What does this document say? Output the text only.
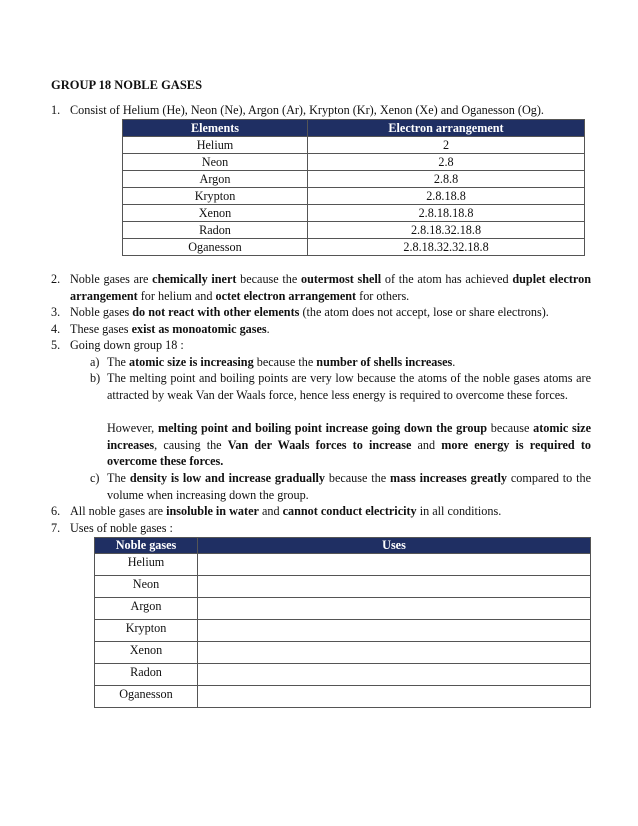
GROUP 18 NOBLE GASES
1. Consist of Helium (He), Neon (Ne), Argon (Ar), Krypton (Kr), Xenon (Xe) and Oganesson (Og).
Elements	Electron arrangement
Helium	2
Neon	2.8
Argon	2.8.8
Krypton	2.8.18.8
Xenon	2.8.18.18.8
Radon	2.8.18.32.18.8
Oganesson	2.8.18.32.32.18.8
2. Noble gases are chemically inert because the outermost shell of the atom has achieved duplet electron arrangement for helium and octet electron arrangement for others.
3. Noble gases do not react with other elements (the atom does not accept, lose or share electrons).
4. These gases exist as monoatomic gases.
5. Going down group 18 :
a) The atomic size is increasing because the number of shells increases.
b) The melting point and boiling points are very low because the atoms of the noble gases atoms are attracted by weak Van der Waals force, hence less energy is required to overcome these forces.
However, melting point and boiling point increase going down the group because atomic size increases, causing the Van der Waals forces to increase and more energy is required to overcome these forces.
c) The density is low and increase gradually because the mass increases greatly compared to the volume when increasing down the group.
6. All noble gases are insoluble in water and cannot conduct electricity in all conditions.
7. Uses of noble gases :
Noble gases	Uses
Helium	
Neon	
Argon	
Krypton	
Xenon	
Radon	
Oganesson	
